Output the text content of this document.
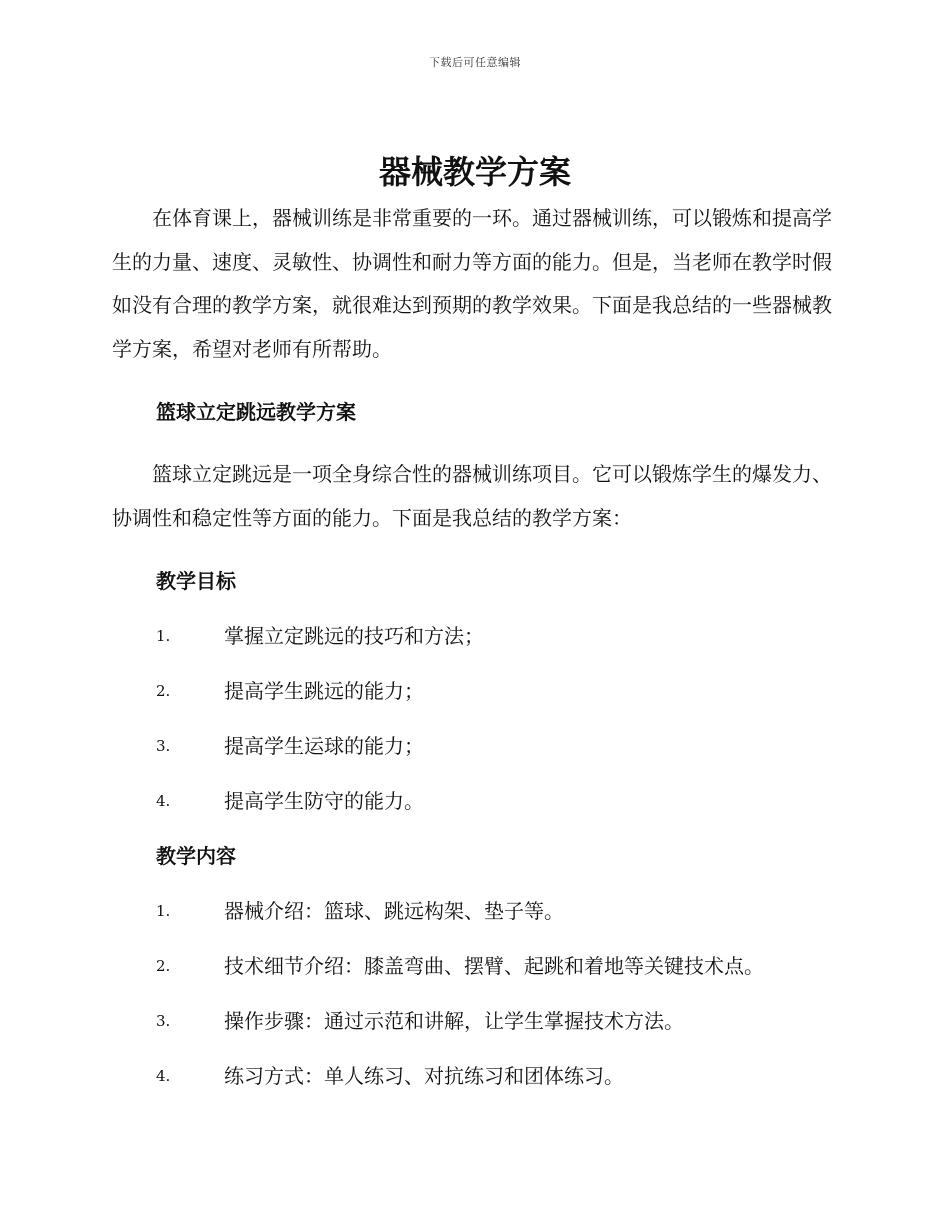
下载后可任意编辑
器械教学方案

在体育课上，器械训练是非常重要的一环。通过器械训练，可以锻炼和提高学生的力量、速度、灵敏性、协调性和耐力等方面的能力。但是，当老师在教学时假如没有合理的教学方案，就很难达到预期的教学效果。下面是我总结的一些器械教学方案，希望对老师有所帮助。

篮球立定跳远教学方案

篮球立定跳远是一项全身综合性的器械训练项目。它可以锻炼学生的爆发力、协调性和稳定性等方面的能力。下面是我总结的教学方案：

教学目标
1.	掌握立定跳远的技巧和方法；
2.	提高学生跳远的能力；
3.	提高学生运球的能力；
4.	提高学生防守的能力。
教学内容
1.	器械介绍：篮球、跳远构架、垫子等。
2.	技术细节介绍：膝盖弯曲、摆臂、起跳和着地等关键技术点。
3.	操作步骤：通过示范和讲解，让学生掌握技术方法。
4.	练习方式：单人练习、对抗练习和团体练习。
